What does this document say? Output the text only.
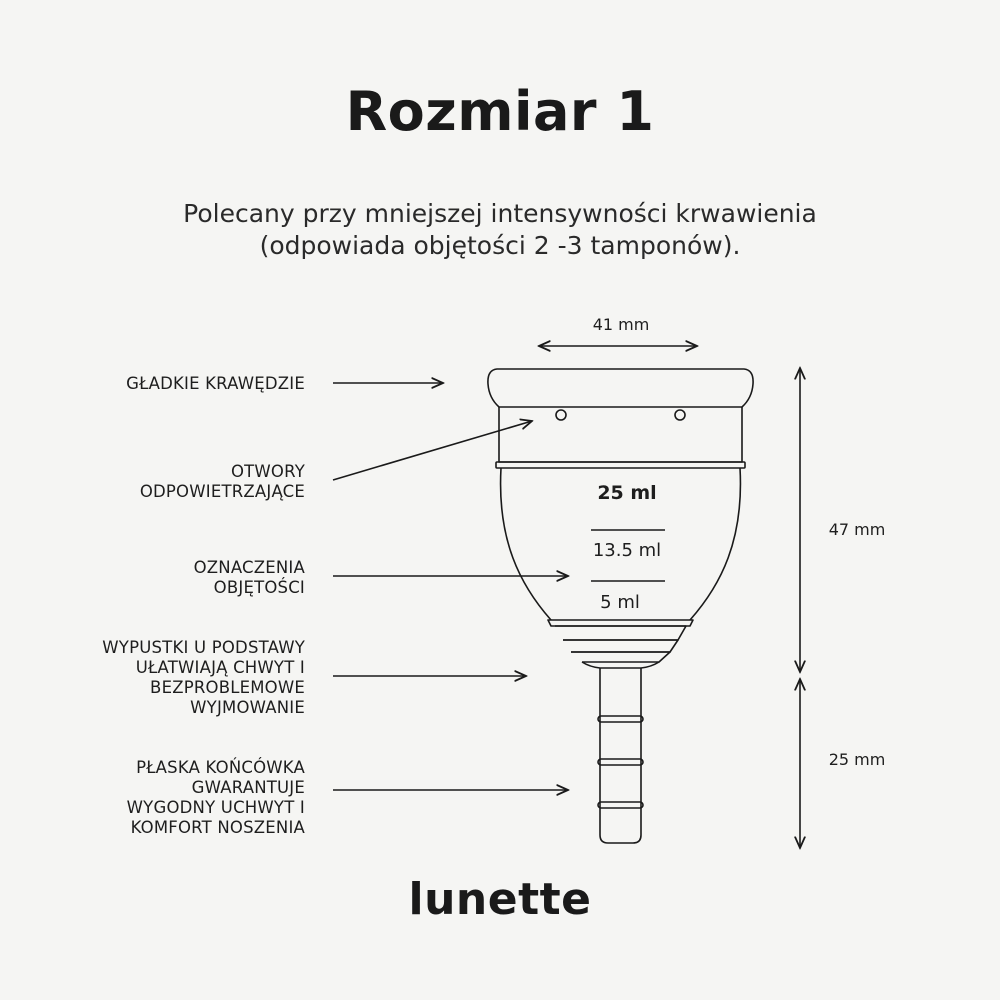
Rozmiar 1
Polecany przy mniejszej intensywności krwawienia
(odpowiada objętości 2 -3 tamponów).
GŁADKIE KRAWĘDZIE
OTWORY
ODPOWIETRZAJĄCE
OZNACZENIA
OBJĘTOŚCI
WYPUSTKI U PODSTAWY
UŁATWIAJĄ CHWYT I
BEZPROBLEMOWE
WYJMOWANIE
PŁASKA KOŃCÓWKA
GWARANTUJE
WYGODNY UCHWYT I
KOMFORT NOSZENIA
25 ml
13.5 ml
5 ml
41 mm
47 mm
25 mm
lunette
